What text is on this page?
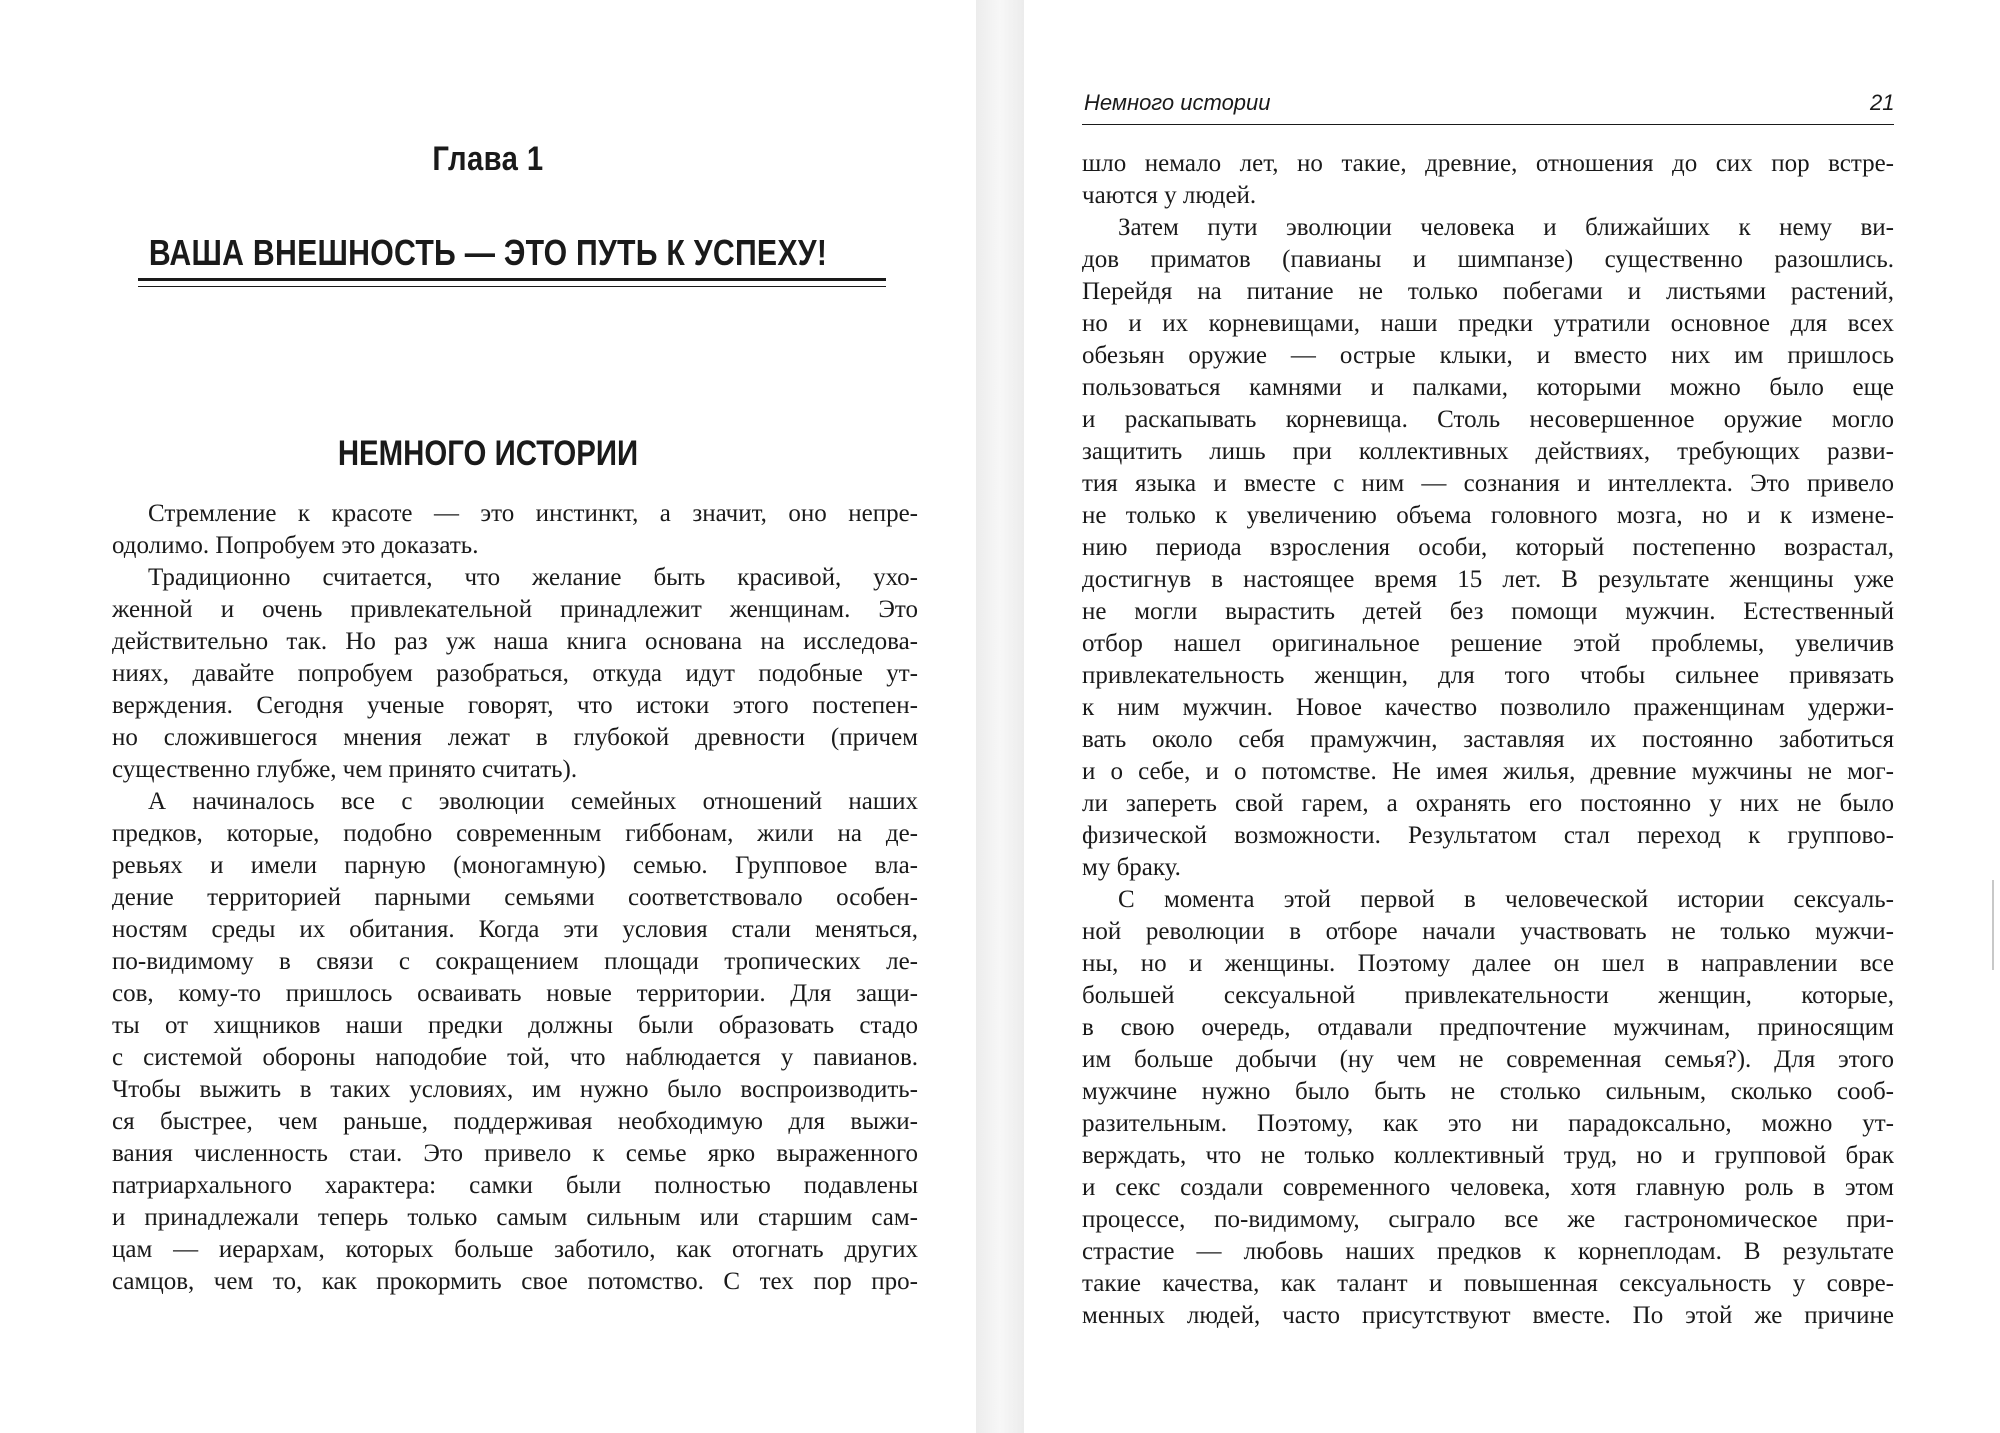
Глава 1
ВАША ВНЕШНОСТЬ — ЭТО ПУТЬ К УСПЕХУ!
НЕМНОГО ИСТОРИИ
Стремление к красоте — это инстинкт, а значит, оно непре-
одолимо. Попробуем это доказать.
Традиционно считается, что желание быть красивой, ухо-
женной и очень привлекательной принадлежит женщинам. Это
действительно так. Но раз уж наша книга основана на исследова-
ниях, давайте попробуем разобраться, откуда идут подобные ут-
верждения. Сегодня ученые говорят, что истоки этого постепен-
но сложившегося мнения лежат в глубокой древности (причем
существенно глубже, чем принято считать).
А начиналось все с эволюции семейных отношений наших
предков, которые, подобно современным гиббонам, жили на де-
ревьях и имели парную (моногамную) семью. Групповое вла-
дение территорией парными семьями соответствовало особен-
ностям среды их обитания. Когда эти условия стали меняться,
по-видимому в связи с сокращением площади тропических ле-
сов, кому-то пришлось осваивать новые территории. Для защи-
ты от хищников наши предки должны были образовать стадо
с системой обороны наподобие той, что наблюдается у павианов.
Чтобы выжить в таких условиях, им нужно было воспроизводить-
ся быстрее, чем раньше, поддерживая необходимую для выжи-
вания численность стаи. Это привело к семье ярко выраженного
патриархального характера: самки были полностью подавлены
и принадлежали теперь только самым сильным или старшим сам-
цам — иерархам, которых больше заботило, как отогнать других
самцов, чем то, как прокормить свое потомство. С тех пор про-
Немного истории	21
шло немало лет, но такие, древние, отношения до сих пор встре-
чаются у людей.
Затем пути эволюции человека и ближайших к нему ви-
дов приматов (павианы и шимпанзе) существенно разошлись.
Перейдя на питание не только побегами и листьями растений,
но и их корневищами, наши предки утратили основное для всех
обезьян оружие — острые клыки, и вместо них им пришлось
пользоваться камнями и палками, которыми можно было еще
и раскапывать корневища. Столь несовершенное оружие могло
защитить лишь при коллективных действиях, требующих разви-
тия языка и вместе с ним — сознания и интеллекта. Это привело
не только к увеличению объема головного мозга, но и к измене-
нию периода взросления особи, который постепенно возрастал,
достигнув в настоящее время 15 лет. В результате женщины уже
не могли вырастить детей без помощи мужчин. Естественный
отбор нашел оригинальное решение этой проблемы, увеличив
привлекательность женщин, для того чтобы сильнее привязать
к ним мужчин. Новое качество позволило праженщинам удержи-
вать около себя прамужчин, заставляя их постоянно заботиться
и о себе, и о потомстве. Не имея жилья, древние мужчины не мог-
ли запереть свой гарем, а охранять его постоянно у них не было
физической возможности. Результатом стал переход к группово-
му браку.
С момента этой первой в человеческой истории сексуаль-
ной революции в отборе начали участвовать не только мужчи-
ны, но и женщины. Поэтому далее он шел в направлении все
большей сексуальной привлекательности женщин, которые,
в свою очередь, отдавали предпочтение мужчинам, приносящим
им больше добычи (ну чем не современная семья?). Для этого
мужчине нужно было быть не столько сильным, сколько сооб-
разительным. Поэтому, как это ни парадоксально, можно ут-
верждать, что не только коллективный труд, но и групповой брак
и секс создали современного человека, хотя главную роль в этом
процессе, по-видимому, сыграло все же гастрономическое при-
страстие — любовь наших предков к корнеплодам. В результате
такие качества, как талант и повышенная сексуальность у совре-
менных людей, часто присутствуют вместе. По этой же причине
